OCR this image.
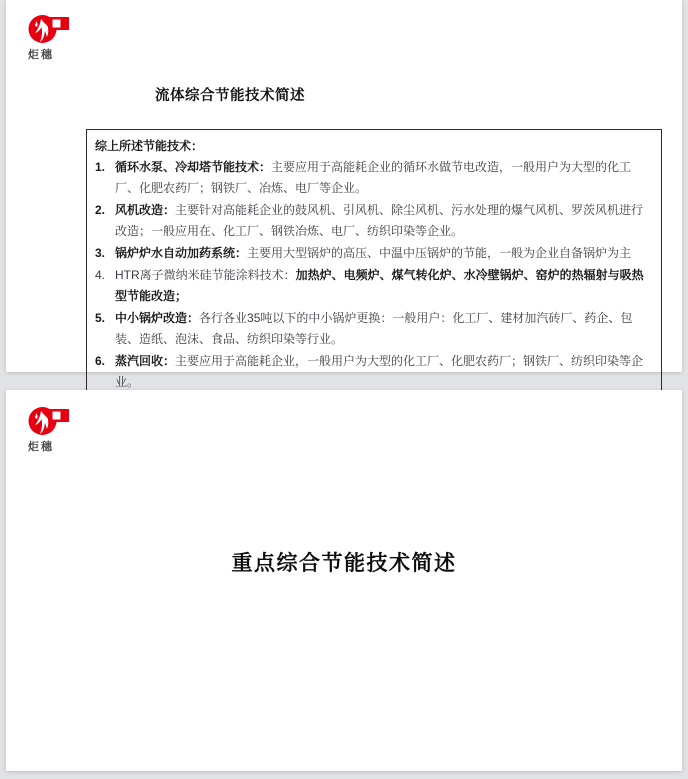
炬穗
流体综合节能技术简述
综上所述节能技术：
1. 循环水泵、冷却塔节能技术：主要应用于高能耗企业的循环水做节电改造，一般用户为大型的化工厂、化肥农药厂；钢铁厂、冶炼、电厂等企业。
2. 风机改造：主要针对高能耗企业的鼓风机、引风机、除尘风机、污水处理的爆气风机、罗茨风机进行改造；一般应用在、化工厂、钢铁冶炼、电厂、纺织印染等企业。
3. 锅炉炉水自动加药系统：主要用大型锅炉的高压、中温中压锅炉的节能，一般为企业自备锅炉为主
4. HTR离子微纳米硅节能涂料技术：加热炉、电频炉、煤气转化炉、水冷壁锅炉、窑炉的热辐射与吸热型节能改造；
5. 中小锅炉改造：各行各业35吨以下的中小锅炉更换：一般用户：化工厂、建材加汽砖厂、药企、包装、造纸、泡沫、食品、纺织印染等行业。
6. 蒸汽回收：主要应用于高能耗企业，一般用户为大型的化工厂、化肥农药厂；钢铁厂、纺织印染等企业。
炬穗
重点综合节能技术简述
